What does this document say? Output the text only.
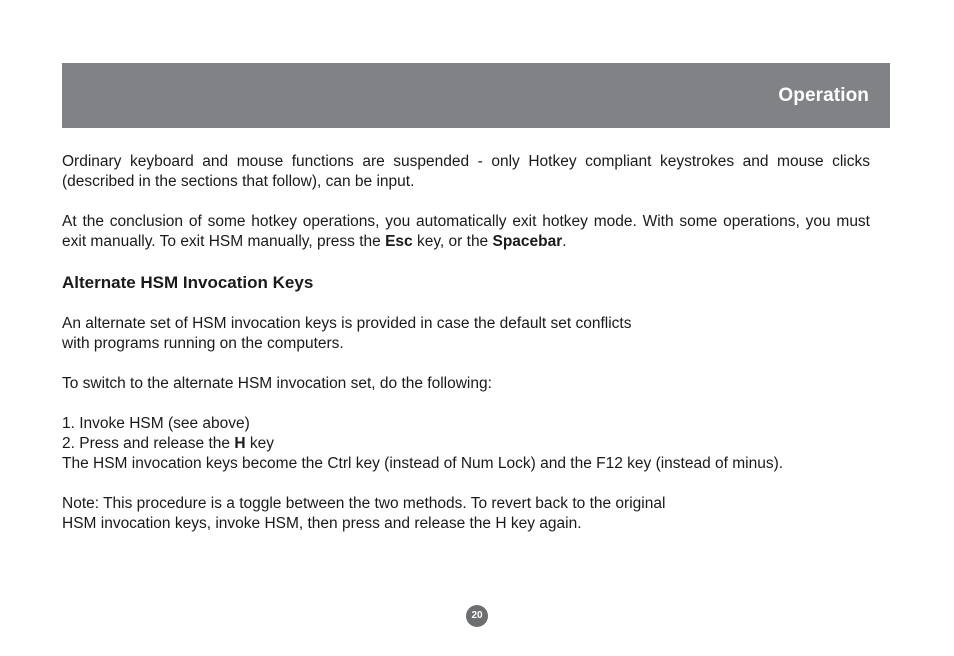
Operation

Ordinary keyboard and mouse functions are suspended - only Hotkey compliant keystrokes and mouse clicks (described in the sections that follow), can be input.

At the conclusion of some hotkey operations, you automatically exit hotkey mode. With some operations, you must exit manually. To exit HSM manually, press the Esc key, or the Spacebar.

Alternate HSM Invocation Keys

An alternate set of HSM invocation keys is provided in case the default set conflicts

with programs running on the computers.

To switch to the alternate HSM invocation set, do the following:

1. Invoke HSM (see above)

2. Press and release the H key

The HSM invocation keys become the Ctrl key (instead of Num Lock) and the F12 key (instead of minus).

Note: This procedure is a toggle between the two methods. To revert back to the original

HSM invocation keys, invoke HSM, then press and release the H key again.

20
